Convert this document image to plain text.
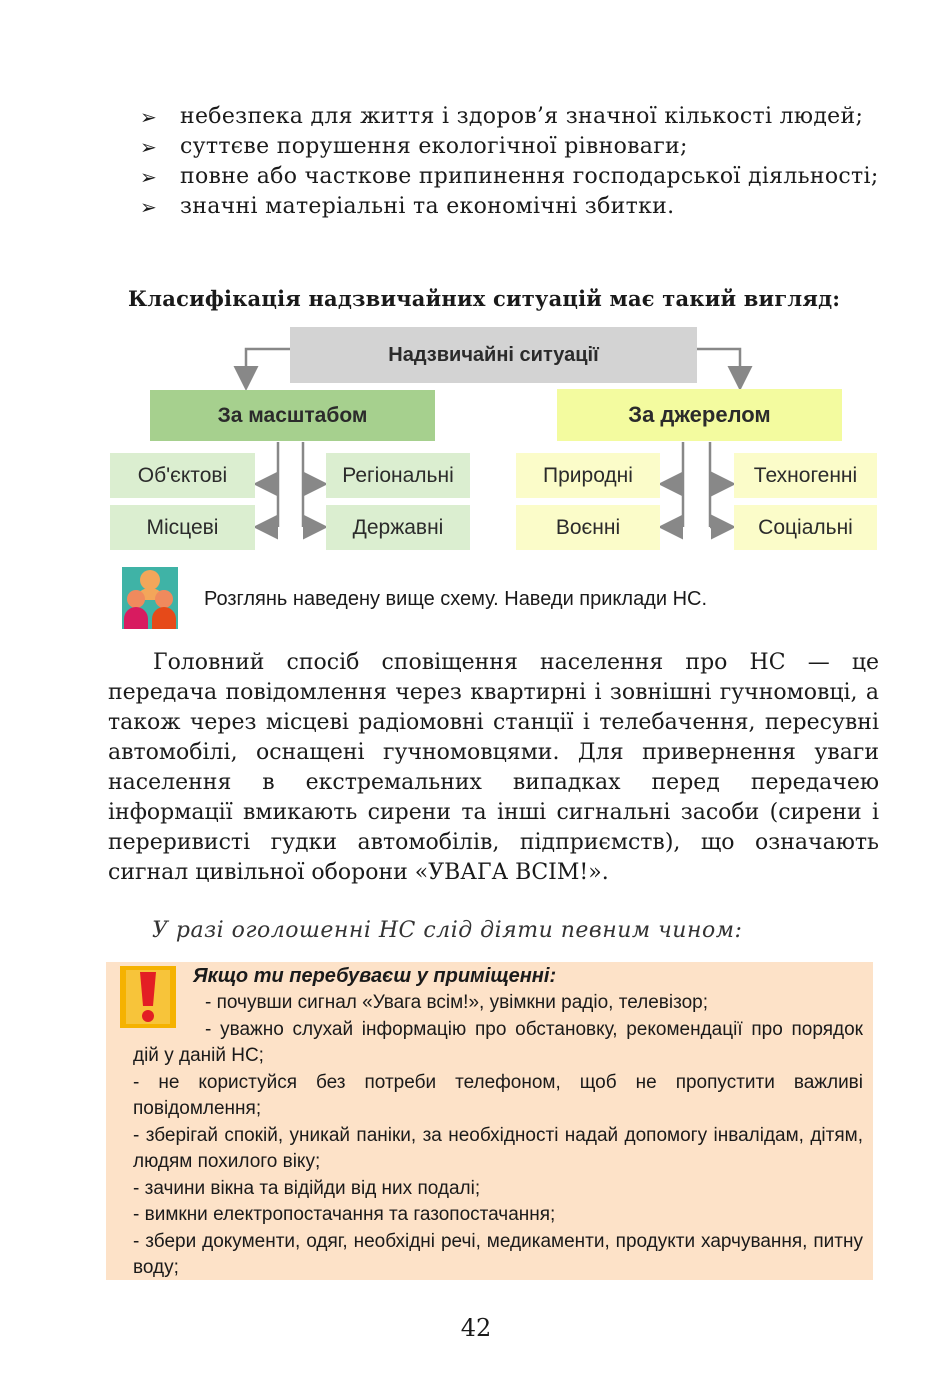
➢	небезпека для життя і здоров’я значної кількості людей;
➢	суттєве порушення екологічної рівноваги;
➢	повне або часткове припинення господарської діяльності;
➢	значні матеріальні та економічні збитки.
Класифікація надзвичайних ситуацій має такий вигляд:
Надзвичайні ситуації
За масштабом	За джерелом
Об'єктові	Регіональні
Місцеві	Державні
Природні	Техногенні
Воєнні	Соціальні
Розглянь наведену вище схему. Наведи приклади НС.
Головний спосіб сповіщення населення про НС — це передача повідомлення через квартирні і зовнішні гучномовці, а також через місцеві радіомовні станції і телебачення, пересувні автомобілі, оснащені гучномовцями. Для привернення уваги населення в екстремальних випадках перед передачею інформації вмикають сирени та інші сигнальні засоби (сирени і переривисті гудки автомобілів, підприємств), що означають сигнал цивільної оборони «УВАГА ВСІМ!».
У разі оголошенні НС слід діяти певним чином:
Якщо ти перебуваєш у приміщенні:
- почувши сигнал «Увага всім!», увімкни радіо, телевізор;
- уважно слухай інформацію про обстановку, рекомендації про порядок дій у даній НС;
- не користуйся без потреби телефоном, щоб не пропустити важливі повідомлення;
- зберігай спокій, уникай паніки, за необхідності надай допомогу інвалідам, дітям, людям похилого віку;
- зачини вікна та відійди від них подалі;
- вимкни електропостачання та газопостачання;
- збери документи, одяг, необхідні речі, медикаменти, продукти харчування, питну воду;
42
